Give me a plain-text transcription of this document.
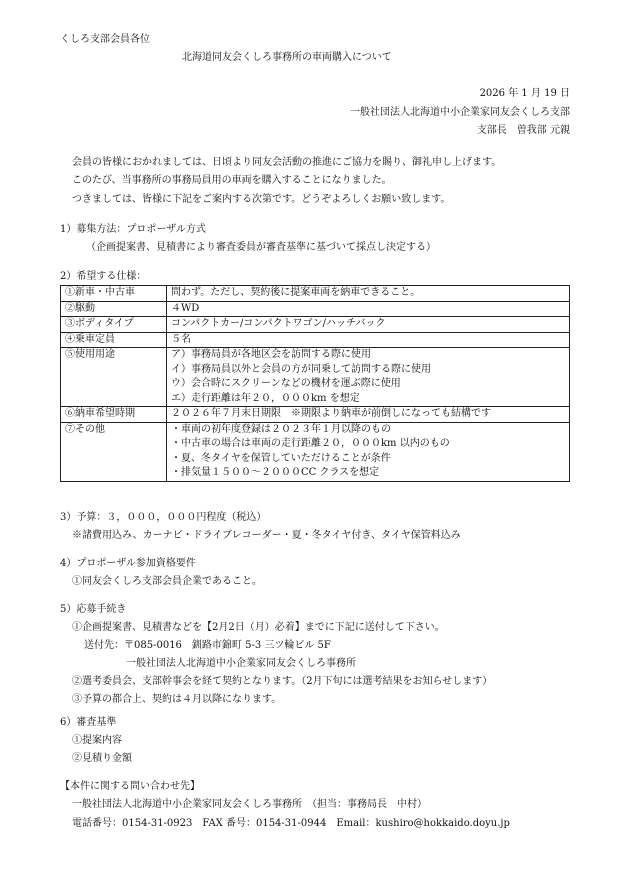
くしろ支部会員各位
北海道同友会くしろ事務所の車両購入について
2026 年 1 月 19 日
一般社団法人北海道中小企業家同友会くしろ支部
支部長　曽我部 元親
会員の皆様におかれましては、日頃より同友会活動の推進にご協力を賜り、御礼申し上げます。
このたび、当事務所の事務局員用の車両を購入することになりました。
つきましては、皆様に下記をご案内する次第です。どうぞよろしくお願い致します。
1）募集方法：プロポーザル方式
（企画提案書、見積書により審査委員が審査基準に基づいて採点し決定する）
2）希望する仕様：
①新車・中古車	問わず。ただし、契約後に提案車両を納車できること。

②駆動	４WD

③ボディタイプ	コンパクトカー/コンパクトワゴン/ハッチバック

④乗車定員	５名

⑤使用用途	ア）事務局員が各地区会を訪問する際に使用
イ）事務局員以外と会員の方が同乗して訪問する際に使用
ウ）会合時にスクリーンなどの機材を運ぶ際に使用
エ）走行距離は年２０，０００km を想定

⑥納車希望時期	２０２６年７月末日期限　※期限より納車が前倒しになっても結構です

⑦その他	・車両の初年度登録は２０２３年１月以降のもの
・中古車の場合は車両の走行距離２０，０００km 以内のもの
・夏、冬タイヤを保管していただけることが条件
・排気量１５００～２０００CC クラスを想定
3）予算：３，０００，０００円程度（税込）
※諸費用込み、カーナビ・ドライブレコーダー・夏・冬タイヤ付き、タイヤ保管料込み
4）プロポーザル参加資格要件
①同友会くしろ支部会員企業であること。
5）応募手続き
①企画提案書、見積書などを【2月2日（月）必着】までに下記に送付して下さい。
送付先：〒085-0016　釧路市錦町 5-3 三ツ輪ビル 5F
一般社団法人北海道中小企業家同友会くしろ事務所
②選考委員会、支部幹事会を経て契約となります。（2月下旬には選考結果をお知らせします）
③予算の都合上、契約は４月以降になります。
6）審査基準
①提案内容
②見積り金額
【本件に関する問い合わせ先】
一般社団法人北海道中小企業家同友会くしろ事務所　（担当：事務局長　中村）
電話番号：0154-31-0923　FAX 番号：0154-31-0944　Email：kushiro@hokkaido.doyu.jp
